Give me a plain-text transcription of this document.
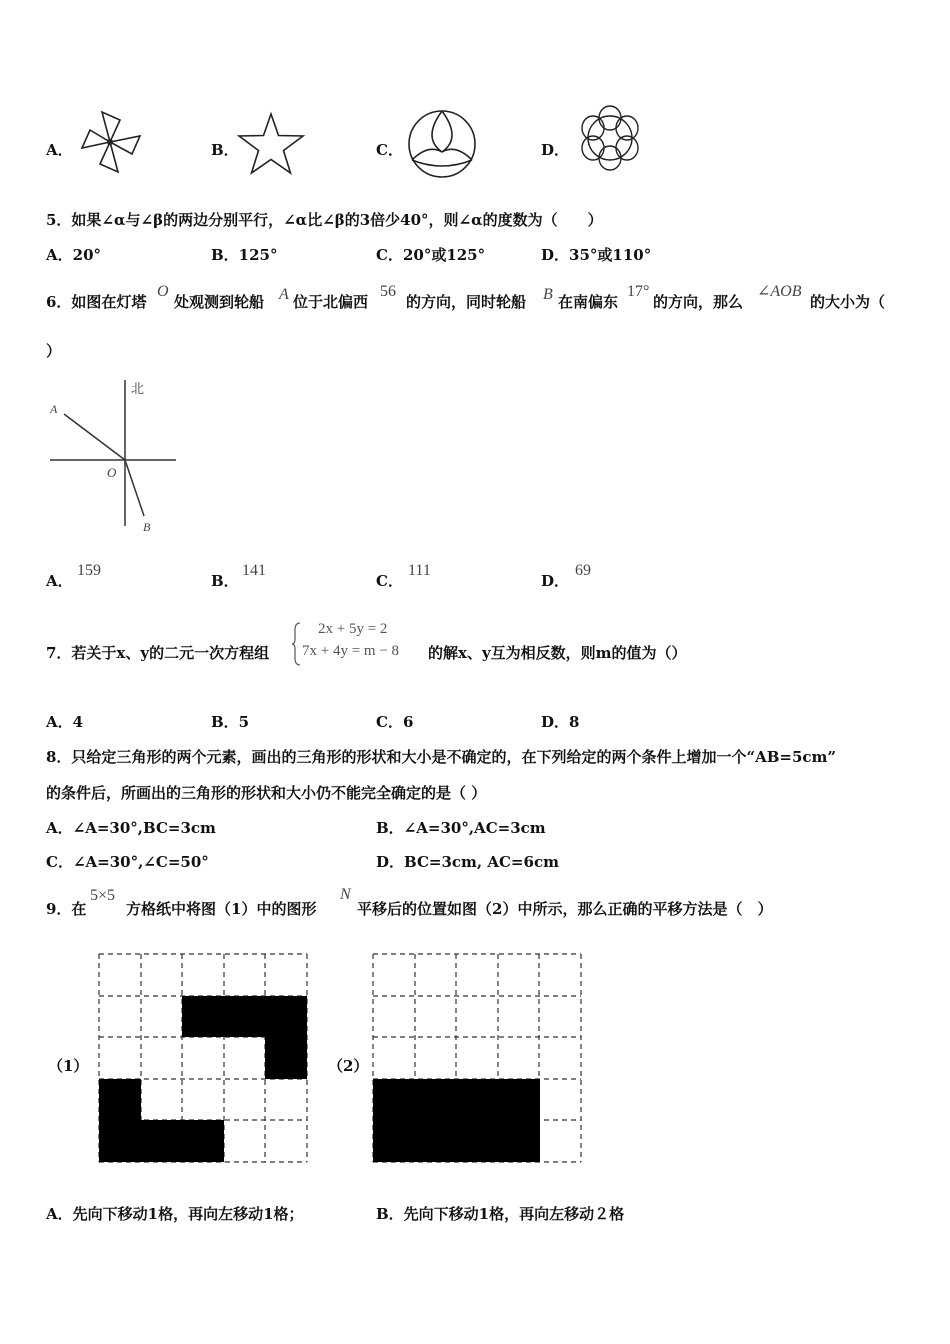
A．	B．	C．	D．
5．如果∠α与∠β的两边分别平行，∠α比∠β的3倍少40°，则∠α的度数为（　　）
A．20°	B．125°	C．20°或125°	D．35°或110°
6．如图在灯塔
O
处观测到轮船 A 位于北偏西
56
的方向，同时轮船 B 在南偏东
17°
的方向，那么
∠AOB
的大小为（
）
北
A
O
B
A．
159
B．
141
C．
111
D．
69
7．若关于x、y的二元一次方程组
2x + 5y = 2
7x + 4y = m − 8 的解x、y互为相反数，则m的值为（）
A．4	B．5	C．6	D．8
8．只给定三角形的两个元素，画出的三角形的形状和大小是不确定的，在下列给定的两个条件上增加一个“AB=5cm”
的条件后，所画出的三角形的形状和大小仍不能完全确定的是（ ）
A．∠A=30°,BC=3cm	B．∠A=30°,AC=3cm
C．∠A=30°,∠C=50°	D．BC=3cm, AC=6cm
9．在
5×5
方格纸中将图（1）中的图形
N
平移后的位置如图（2）中所示，那么正确的平移方法是（　）
（1）	（2）
A．先向下移动1格，再向左移动1格；	B．先向下移动1格，再向左移动２格
